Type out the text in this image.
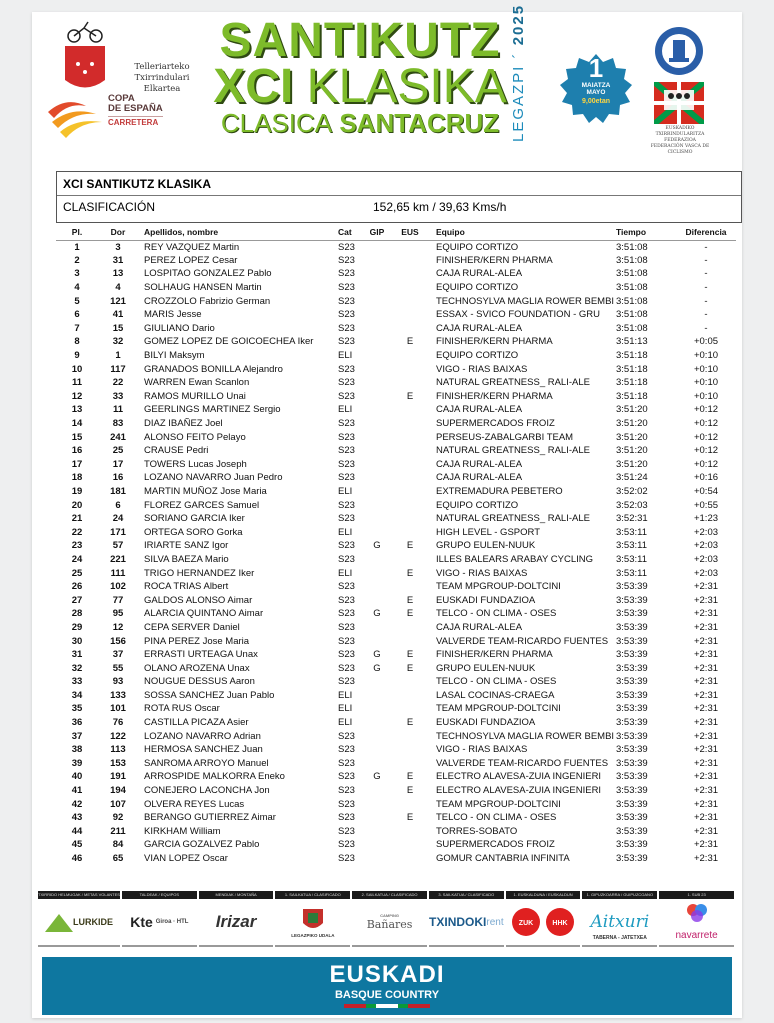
Telleriarteko
Txirrindulari Elkartea
COPA
DE ESPAÑA
CARRETERA
SANTIKUTZ
XCI KLASIKA
CLASICA SANTACRUZ LEGAZPI ´ 2025
1
MAIATZA
MAYO
9,00etan
EUSKADIKO TXIRRINDULARITZA FEDERAZIOA
FEDERACIÓN VASCA DE CICLISMO
XCI SANTIKUTZ KLASIKA
CLASIFICACIÓN	152,65 km / 39,63 Kms/h
Pl.	Dor	Apellidos, nombre	Cat	GIP	EUS	Equipo	Tiempo	Diferencia
1	3	REY VAZQUEZ Martin	S23			EQUIPO CORTIZO	3:51:08	-
2	31	PEREZ LOPEZ Cesar	S23			FINISHER/KERN PHARMA	3:51:08	-
3	13	LOSPITAO GONZALEZ Pablo	S23			CAJA RURAL-ALEA	3:51:08	-
4	4	SOLHAUG HANSEN Martin	S23			EQUIPO CORTIZO	3:51:08	-
5	121	CROZZOLO Fabrizio German	S23			TECHNOSYLVA MAGLIA ROWER BEMBI	3:51:08	-
6	41	MARIS Jesse	S23			ESSAX - SVICO FOUNDATION - GRU	3:51:08	-
7	15	GIULIANO Dario	S23			CAJA RURAL-ALEA	3:51:08	-
8	32	GOMEZ LOPEZ DE GOICOECHEA Iker	S23		E	FINISHER/KERN PHARMA	3:51:13	+0:05
9	1	BILYI Maksym	ELI			EQUIPO CORTIZO	3:51:18	+0:10
10	117	GRANADOS BONILLA Alejandro	S23			VIGO - RIAS BAIXAS	3:51:18	+0:10
11	22	WARREN Ewan Scanlon	S23			NATURAL GREATNESS_ RALI-ALE	3:51:18	+0:10
12	33	RAMOS MURILLO Unai	S23		E	FINISHER/KERN PHARMA	3:51:18	+0:10
13	11	GEERLINGS MARTINEZ Sergio	ELI			CAJA RURAL-ALEA	3:51:20	+0:12
14	83	DIAZ IBAÑEZ Joel	S23			SUPERMERCADOS FROIZ	3:51:20	+0:12
15	241	ALONSO FEITO Pelayo	S23			PERSEUS-ZABALGARBI TEAM	3:51:20	+0:12
16	25	CRAUSE Pedri	S23			NATURAL GREATNESS_ RALI-ALE	3:51:20	+0:12
17	17	TOWERS Lucas Joseph	S23			CAJA RURAL-ALEA	3:51:20	+0:12
18	16	LOZANO NAVARRO Juan Pedro	S23			CAJA RURAL-ALEA	3:51:24	+0:16
19	181	MARTIN MUÑOZ Jose Maria	ELI			EXTREMADURA PEBETERO	3:52:02	+0:54
20	6	FLOREZ GARCES Samuel	S23			EQUIPO CORTIZO	3:52:03	+0:55
21	24	SORIANO GARCIA Iker	S23			NATURAL GREATNESS_ RALI-ALE	3:52:31	+1:23
22	171	ORTEGA SORO Gorka	ELI			HIGH LEVEL - GSPORT	3:53:11	+2:03
23	57	IRIARTE SANZ Igor	S23	G	E	GRUPO EULEN-NUUK	3:53:11	+2:03
24	221	SILVA BAEZA Mario	S23			ILLES BALEARS ARABAY CYCLING	3:53:11	+2:03
25	111	TRIGO HERNANDEZ Iker	ELI		E	VIGO - RIAS BAIXAS	3:53:11	+2:03
26	102	ROCA TRIAS Albert	S23			TEAM MPGROUP-DOLTCINI	3:53:39	+2:31
27	77	GALDOS ALONSO Aimar	S23		E	EUSKADI FUNDAZIOA	3:53:39	+2:31
28	95	ALARCIA QUINTANO Aimar	S23	G	E	TELCO - ON CLIMA - OSES	3:53:39	+2:31
29	12	CEPA SERVER Daniel	S23			CAJA RURAL-ALEA	3:53:39	+2:31
30	156	PINA PEREZ Jose Maria	S23			VALVERDE TEAM-RICARDO FUENTES	3:53:39	+2:31
31	37	ERRASTI URTEAGA Unax	S23	G	E	FINISHER/KERN PHARMA	3:53:39	+2:31
32	55	OLANO AROZENA Unax	S23	G	E	GRUPO EULEN-NUUK	3:53:39	+2:31
33	93	NOUGUE DESSUS Aaron	S23			TELCO - ON CLIMA - OSES	3:53:39	+2:31
34	133	SOSSA SANCHEZ Juan Pablo	ELI			LASAL COCINAS-CRAEGA	3:53:39	+2:31
35	101	ROTA RUS Oscar	ELI			TEAM MPGROUP-DOLTCINI	3:53:39	+2:31
36	76	CASTILLA PICAZA Asier	ELI		E	EUSKADI FUNDAZIOA	3:53:39	+2:31
37	122	LOZANO NAVARRO Adrian	S23			TECHNOSYLVA MAGLIA ROWER BEMBI	3:53:39	+2:31
38	113	HERMOSA SANCHEZ Juan	S23			VIGO - RIAS BAIXAS	3:53:39	+2:31
39	153	SANROMA ARROYO Manuel	S23			VALVERDE TEAM-RICARDO FUENTES	3:53:39	+2:31
40	191	ARROSPIDE MALKORRA Eneko	S23	G	E	ELECTRO ALAVESA-ZUIA INGENIERI	3:53:39	+2:31
41	194	CONEJERO LACONCHA Jon	S23		E	ELECTRO ALAVESA-ZUIA INGENIERI	3:53:39	+2:31
42	107	OLVERA REYES Lucas	S23			TEAM MPGROUP-DOLTCINI	3:53:39	+2:31
43	92	BERANGO GUTIERREZ Aimar	S23		E	TELCO - ON CLIMA - OSES	3:53:39	+2:31
44	211	KIRKHAM William	S23			TORRES-SOBATO	3:53:39	+2:31
45	84	GARCIA GOZALVEZ Pablo	S23			SUPERMERCADOS FROIZ	3:53:39	+2:31
46	65	VIAN LOPEZ Oscar	S23			GOMUR CANTABRIA INFINITA	3:53:39	+2:31
TXIRRIDO HELMUGAK / METAS VOLANTES
LURKIDE
TALDEAK / EQUIPOS
Kte Giroa · HTL
MENDIAK / MONTAÑA
Irizar
1. SAILKATUA / CLASIFICADO
LEGAZPIKO UDALA
2. SAILKATUA / CLASIFICADO
CAMPING
Bañares
3. SAILKATUA / CLASIFICADO
TXINDOKI rent
1. EUSKALDUNA / EUSKALDUN
ZUK	HHK
1. GIPUZKOARRA / GUIPUZCOANO
Aitxuri
TABERNA - JATETXEA
1. SUB 23
navarrete
EUSKADI
BASQUE COUNTRY
